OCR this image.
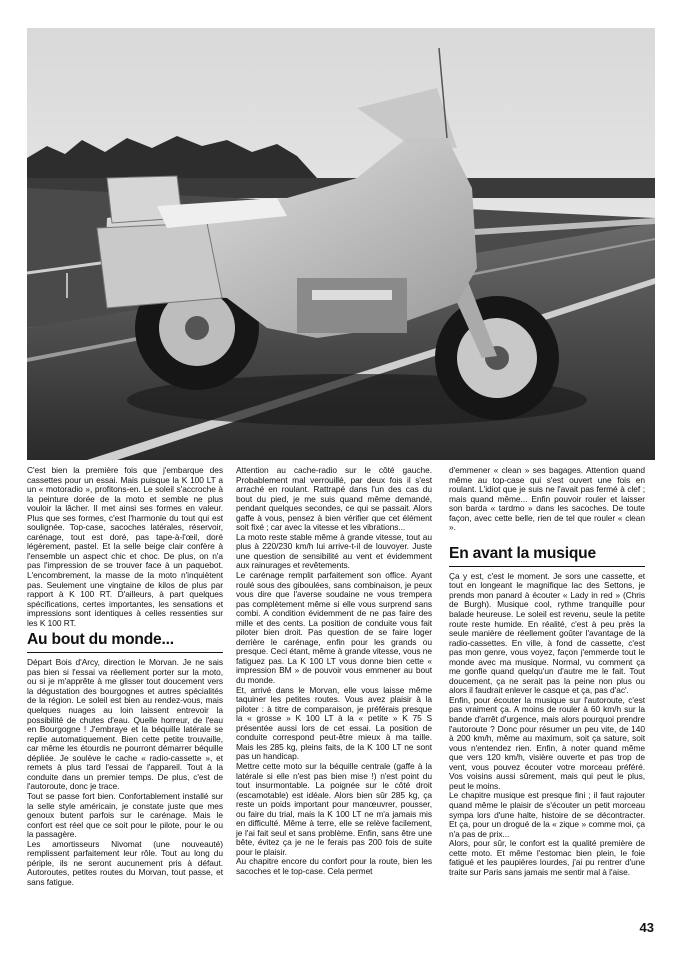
C'est bien la première fois que j'embarque des cassettes pour un essai. Mais puisque la K 100 LT a un « motoradio », profitons-en. Le soleil s'accroche à la peinture dorée de la moto et semble ne plus vouloir la lâcher. Il met ainsi ses formes en valeur. Plus que ses formes, c'est l'harmonie du tout qui est soulignée. Top-case, sacoches latérales, réservoir, carénage, tout est doré, pas tape-à-l'œil, doré légèrement, pastel. Et la selle beige clair confère à l'ensemble un aspect chic et choc. De plus, on n'a pas l'impression de se trouver face à un paquebot. L'encombrement, la masse de la moto n'inquiètent pas. Seulement une vingtaine de kilos de plus par rapport à K 100 RT. D'ailleurs, à part quelques spécifications, certes importantes, les sensations et impressions sont identiques à celles ressenties sur les K 100 RT.

Au bout du monde...

Départ Bois d'Arcy, direction le Morvan. Je ne sais pas bien si l'essai va réellement porter sur la moto, ou si je m'apprête à me glisser tout doucement vers la dégustation des bourgognes et autres spécialités de la région. Le soleil est bien au rendez-vous, mais quelques nuages au loin laissent entrevoir la possibilité de chutes d'eau. Quelle horreur, de l'eau en Bourgogne ! J'embraye et la béquille latérale se replie automatiquement. Bien cette petite trouvaille, car même les étourdis ne pourront démarrer béquille dépliée. Je soulève le cache « radio-cassette », et remets à plus tard l'essai de l'appareil. Tout à la conduite dans un premier temps. De plus, c'est de l'autoroute, donc je trace.

Tout se passe fort bien. Confortablement installé sur la selle style américain, je constate juste que mes genoux butent parfois sur le carénage. Mais le confort est réel que ce soit pour le pilote, pour le ou la passagère.

Les amortisseurs Nivomat (une nouveauté) remplissent parfaitement leur rôle. Tout au long du périple, ils ne seront aucunement pris à défaut. Autoroutes, petites routes du Morvan, tout passe, et sans fatigue.

Attention au cache-radio sur le côté gauche. Probablement mal verrouillé, par deux fois il s'est arraché en roulant. Rattrapé dans l'un des cas du bout du pied, je me suis quand même demandé, pendant quelques secondes, ce qui se passait. Alors gaffe à vous, pensez à bien vérifier que cet élément soit fixé ; car avec la vitesse et les vibrations...

La moto reste stable même à grande vitesse, tout au plus à 220/230 km/h lui arrive-t-il de louvoyer. Juste une question de sensibilité au vent et évidemment aux rainurages et revêtements.

Le carénage remplit parfaitement son office. Ayant roulé sous des giboulées, sans combinaison, je peux vous dire que l'averse soudaine ne vous trempera pas complètement même si elle vous surprend sans combi. A condition évidemment de ne pas faire des mille et des cents. La position de conduite vous fait piloter bien droit. Pas question de se faire loger derrière le carénage, enfin pour les grands ou presque. Ceci étant, même à grande vitesse, vous ne fatiguez pas. La K 100 LT vous donne bien cette « impression BM » de pouvoir vous emmener au bout du monde.

Et, arrivé dans le Morvan, elle vous laisse même taquiner les petites routes. Vous avez plaisir à la piloter : à titre de comparaison, je préférais presque la « grosse » K 100 LT à la « petite » K 75 S présentée aussi lors de cet essai. La position de conduite correspond peut-être mieux à ma taille. Mais les 285 kg, pleins faits, de la K 100 LT ne sont pas un handicap.

Mettre cette moto sur la béquille centrale (gaffe à la latérale si elle n'est pas bien mise !) n'est point du tout insurmontable. La poignée sur le côté droit (escamotable) est idéale. Alors bien sûr 285 kg, ça reste un poids important pour manœuvrer, pousser, ou faire du trial, mais la K 100 LT ne m'a jamais mis en difficulté. Même à terre, elle se relève facilement, je l'ai fait seul et sans problème. Enfin, sans être une bête, évitez ça je ne le ferais pas 200 fois de suite pour le plaisir.

Au chapitre encore du confort pour la route, bien les sacoches et le top-case. Cela permet

d'emmener « clean » ses bagages. Attention quand même au top-case qui s'est ouvert une fois en roulant. L'idiot que je suis ne l'avait pas fermé à clef ; mais quand même... Enfin pouvoir rouler et laisser son barda « tardmo » dans les sacoches. De toute façon, avec cette belle, rien de tel que rouler « clean ».

En avant la musique

Ça y est, c'est le moment. Je sors une cassette, et tout en longeant le magnifique lac des Settons, je prends mon panard à écouter « Lady in red » (Chris de Burgh). Musique cool, rythme tranquille pour balade heureuse. Le soleil est revenu, seule la petite route reste humide. En réalité, c'est à peu près la seule manière de réellement goûter l'avantage de la radio-cassettes. En ville, à fond de cassette, c'est pas mon genre, vous voyez, façon j'emmerde tout le monde avec ma musique. Normal, vu comment ça me gonfle quand quelqu'un d'autre me le fait. Tout doucement, ça ne serait pas la peine non plus ou alors il faudrait enlever le casque et ça, pas d'ac'.

Enfin, pour écouter la musique sur l'autoroute, c'est pas vraiment ça. A moins de rouler à 60 km/h sur la bande d'arrêt d'urgence, mais alors pourquoi prendre l'autoroute ? Donc pour résumer un peu vite, de 140 à 200 km/h, même au maximum, soit ça sature, soit vous n'entendez rien. Enfin, à noter quand même que vers 120 km/h, visière ouverte et pas trop de vent, vous pouvez écouter votre morceau préféré. Vos voisins aussi sûrement, mais qui peut le plus, peut le moins.

Le chapitre musique est presque fini ; il faut rajouter quand même le plaisir de s'écouter un petit morceau sympa lors d'une halte, histoire de se décontracter. Et ça, pour un drogué de la « zique » comme moi, ça n'a pas de prix...

Alors, pour sûr, le confort est la qualité première de cette moto. Et même l'estomac bien plein, le foie fatigué et les paupières lourdes, j'ai pu rentrer d'une traite sur Paris sans jamais me sentir mal à l'aise.

43
